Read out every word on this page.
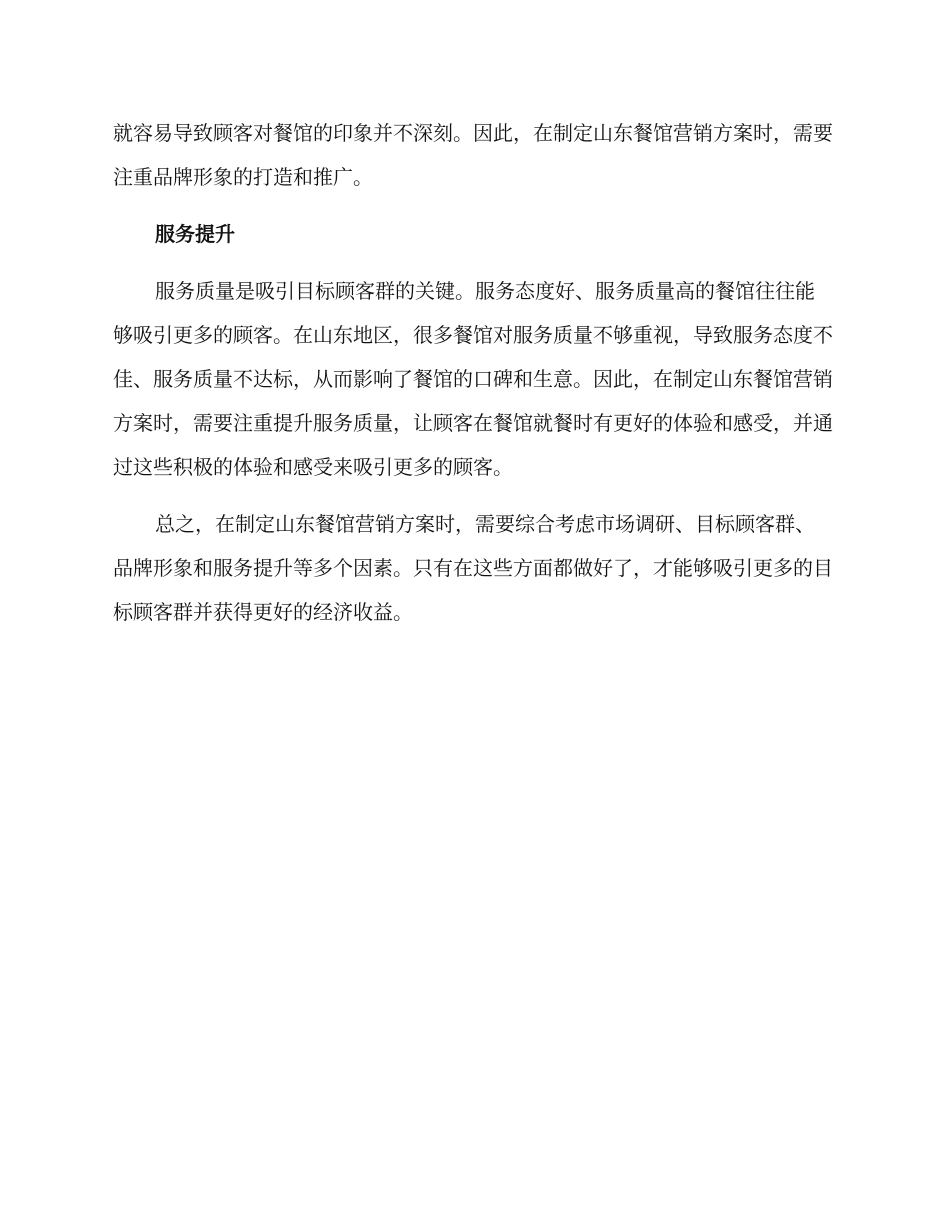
就容易导致顾客对餐馆的印象并不深刻。因此，在制定山东餐馆营销方案时，需要注重品牌形象的打造和推广。

服务提升

服务质量是吸引目标顾客群的关键。服务态度好、服务质量高的餐馆往往能够吸引更多的顾客。在山东地区，很多餐馆对服务质量不够重视，导致服务态度不佳、服务质量不达标，从而影响了餐馆的口碑和生意。因此，在制定山东餐馆营销方案时，需要注重提升服务质量，让顾客在餐馆就餐时有更好的体验和感受，并通过这些积极的体验和感受来吸引更多的顾客。

总之，在制定山东餐馆营销方案时，需要综合考虑市场调研、目标顾客群、品牌形象和服务提升等多个因素。只有在这些方面都做好了，才能够吸引更多的目标顾客群并获得更好的经济收益。
